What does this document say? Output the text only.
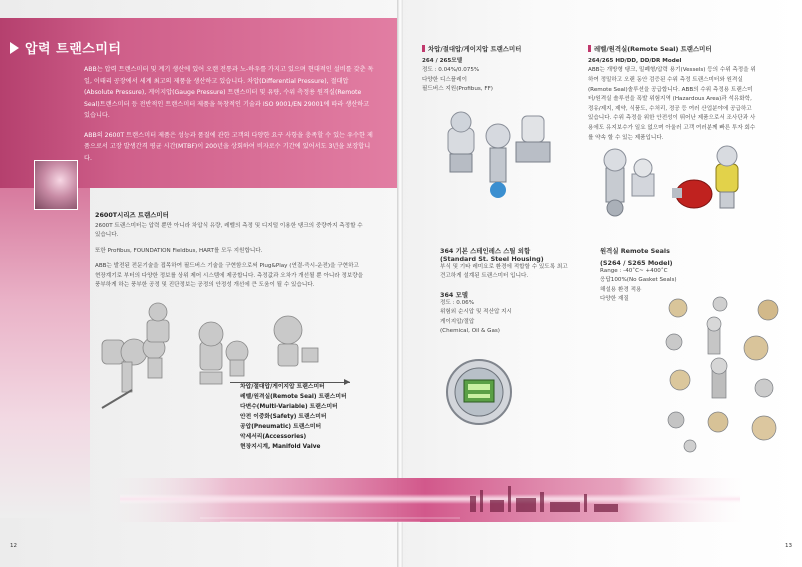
압력 트랜스미터

ABB는 압력 트랜스미터 및 계기 생산에 있어 오랜 전통과 노-하우를 가지고 있으며 현대적인 설비를 갖춘 독일, 이태리 공장에서 세계 최고의 제품을 생산하고 있습니다. 차압(Differential Pressure), 절대압(Absolute Pressure), 게이지압(Gauge Pressure) 트랜스미터 및 유량, 수위 측정용 원격실(Remote Seal)트랜스미터 등 전반적인 트랜스미터 제품을 독창적인 기술과 ISO 9001/EN 29001에 따라 생산하고 있습니다.

ABB의 2600T 트랜스미터 제품은 성능과 품질에 관한 고객의 다양한 요구 사항을 충족할 수 있는 우수한 제품으로서 고장 발생간격 평균 시간(MTBF)이 200년을 상회하여 비자로수 기간에 있어서도 3년을 보장합니다.

2600T시리즈 트랜스미터

2600T 트랜스미터는 압력 뿐만 아니라 차압식 유량, 레벨의 측정 및 디지털 이용한 탱크의 중량까지 측정할 수 있습니다.

또한 Profibus, FOUNDATION Fieldbus, HART를 모두 지원합니다.

ABB는 발전된 전문기술을 접목하여 필드버스 기술을 구현함으로써 Plug&Play (연결-즉시-운전)을 구현하고 현장계기로 부터의 다양한 정보를 상위 제어 시스템에 제공합니다. 측정값과 오차가 개선될 뿐 아니라 정보량을 풍부하게 하는 풍부한 공정 및 진단정보는 공정의 안정성 개선에 큰 도움이 될 수 있습니다.

차압/절대압/게이지압 트랜스미터
레벨/원격실(Remote Seal) 트랜스미터
다변수(Multi-Variable) 트랜스미터
안전 이중화(Safety) 트랜스미터
공압(Pneumatic) 트랜스미터
악세서리(Accessories)
현장지시계, Manifold Valve
12
차압/절대압/게이지압 트랜스미터
264 / 265모델
정도 : 0.04%/0.075%
다양한 디스플레이
필드버스 지원(Profibus, FF)
레벨/원격실(Remote Seal) 트랜스미터
264/265 HD/DD, DD/DR Model
ABB는 개방형 탱크, 밀폐형/압력 용기(Vessels) 등의 수위 측정을 위하여 정밀하고 오랜 동안 검증된 수위 측정 트랜스미터와 원격실(Remote Seal)솔루션을 공급합니다. ABB의 수위 측정용 트랜스미터/원격실 솔루션을 폭발 위험지역 (Hazardous Area)과 석유화학, 정유/제지, 제약, 식품도, 수처리, 정공 등 여러 산업분야에 공급하고 있습니다. 수위 측정을 위한 안전성이 뛰어난 제품으로서 조사단과 사용에도 유지보수가 일요 없으며 아울러 고객 여러분께 빠른 투자 회수를 약속 할 수 있는 제품입니다.
364 기본 스테인레스 스틸 외함
(Standard St. Steel Housing)
부식 및 기타 레미요로 환경에 적합할 수 있도록 최고 견고하게 설계된 트랜스미터 입니다.
364 모델
정도 : 0.06%
위험외 순시압 및 적산압 지시
게이지압/절압
(Chemical, Oil & Gas)
원격실 Remote Seals
(S264 / S265 Model)
Range : -40˚C~ +400˚C
응답100%(No Gasket Seals)
해설용 환경 적용
다양한 재질
13
